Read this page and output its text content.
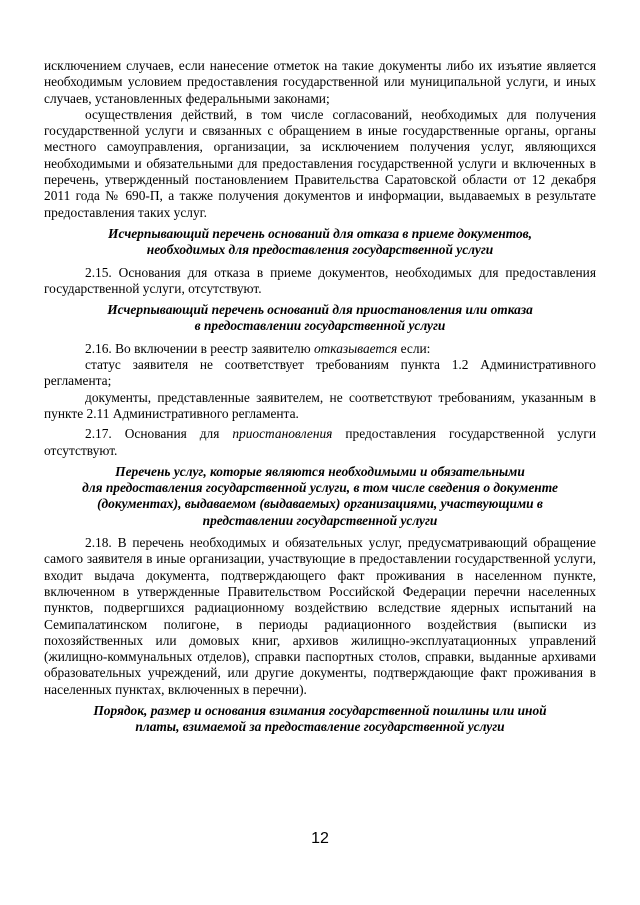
исключением случаев, если нанесение отметок на такие документы либо их изъятие является необходимым условием предоставления государственной или муниципальной услуги, и иных случаев, установленных федеральными законами;

осуществления действий, в том числе согласований, необходимых для получения государственной услуги и связанных с обращением в иные государственные органы, органы местного самоуправления, организации, за исключением получения услуг, являющихся необходимыми и обязательными для предоставления государственной услуги и включенных в перечень, утвержденный постановлением Правительства Саратовской области от 12 декабря 2011 года № 690-П, а также получения документов и информации, выдаваемых в результате предоставления таких услуг.

Исчерпывающий перечень оснований для отказа в приеме документов,
необходимых для предоставления государственной услуги

2.15. Основания для отказа в приеме документов, необходимых для предоставления государственной услуги, отсутствуют.

Исчерпывающий перечень оснований для приостановления или отказа
в предоставлении государственной услуги

2.16. Во включении в реестр заявителю отказывается если:

статус заявителя не соответствует требованиям пункта 1.2 Административного регламента;

документы, представленные заявителем, не соответствуют требованиям, указанным в пункте 2.11 Административного регламента.

2.17. Основания для приостановления предоставления государственной услуги отсутствуют.

Перечень услуг, которые являются необходимыми и обязательными
для предоставления государственной услуги, в том числе сведения о документе
(документах), выдаваемом (выдаваемых) организациями, участвующими в
представлении государственной услуги

2.18. В перечень необходимых и обязательных услуг, предусматривающий обращение самого заявителя в иные организации, участвующие в предоставлении государственной услуги, входит выдача документа, подтверждающего факт проживания в населенном пункте, включенном в утвержденные Правительством Российской Федерации перечни населенных пунктов, подвергшихся радиационному воздействию вследствие ядерных испытаний на Семипалатинском полигоне, в периоды радиационного воздействия (выписки из похозяйственных или домовых книг, архивов жилищно-эксплуатационных управлений (жилищно-коммунальных отделов), справки паспортных столов, справки, выданные архивами образовательных учреждений, или другие документы, подтверждающие факт проживания в населенных пунктах, включенных в перечни).

Порядок, размер и основания взимания государственной пошлины или иной
платы, взимаемой за предоставление государственной услуги
12
